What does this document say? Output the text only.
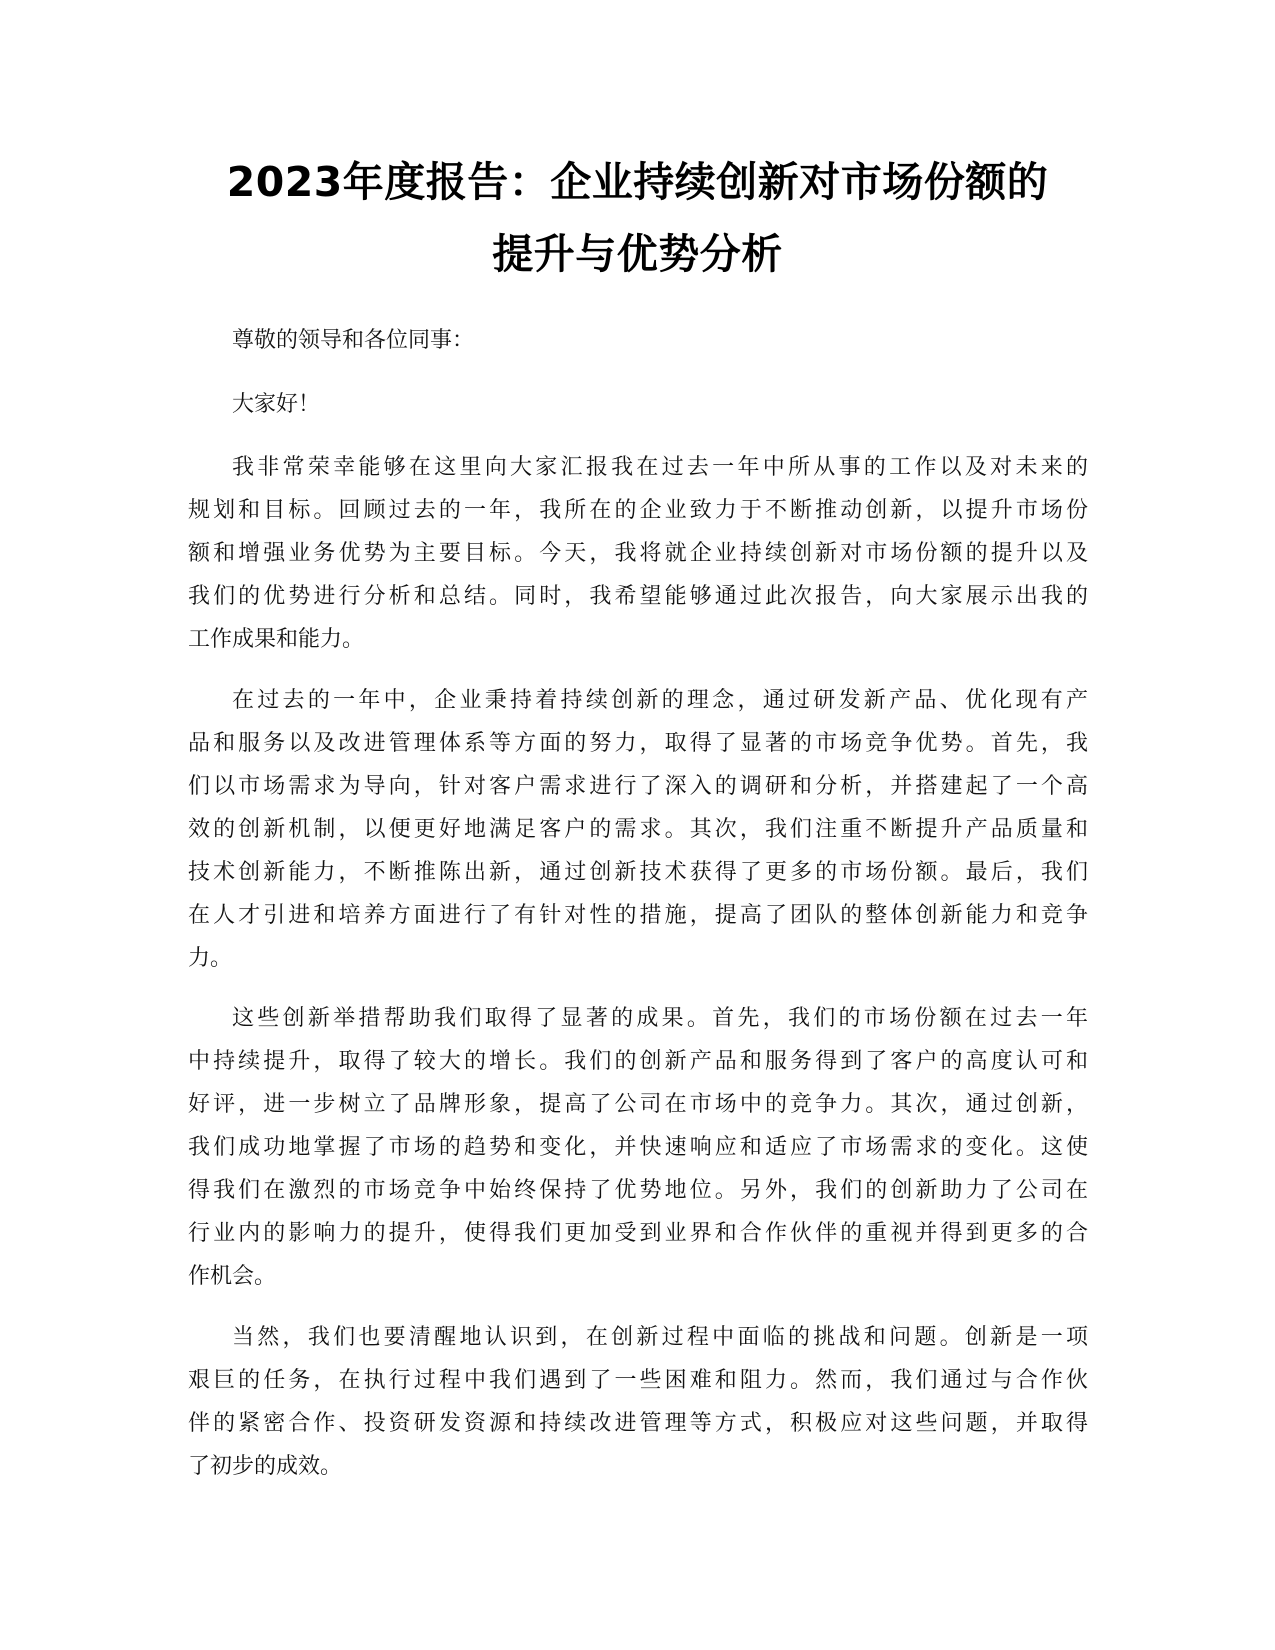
2023年度报告：企业持续创新对市场份额的
提升与优势分析
尊敬的领导和各位同事：
大家好！
我非常荣幸能够在这里向大家汇报我在过去一年中所从事的工作以及对未来的
规划和目标。回顾过去的一年，我所在的企业致力于不断推动创新，以提升市场份
额和增强业务优势为主要目标。今天，我将就企业持续创新对市场份额的提升以及
我们的优势进行分析和总结。同时，我希望能够通过此次报告，向大家展示出我的
工作成果和能力。
在过去的一年中，企业秉持着持续创新的理念，通过研发新产品、优化现有产
品和服务以及改进管理体系等方面的努力，取得了显著的市场竞争优势。首先，我
们以市场需求为导向，针对客户需求进行了深入的调研和分析，并搭建起了一个高
效的创新机制，以便更好地满足客户的需求。其次，我们注重不断提升产品质量和
技术创新能力，不断推陈出新，通过创新技术获得了更多的市场份额。最后，我们
在人才引进和培养方面进行了有针对性的措施，提高了团队的整体创新能力和竞争
力。
这些创新举措帮助我们取得了显著的成果。首先，我们的市场份额在过去一年
中持续提升，取得了较大的增长。我们的创新产品和服务得到了客户的高度认可和
好评，进一步树立了品牌形象，提高了公司在市场中的竞争力。其次，通过创新，
我们成功地掌握了市场的趋势和变化，并快速响应和适应了市场需求的变化。这使
得我们在激烈的市场竞争中始终保持了优势地位。另外，我们的创新助力了公司在
行业内的影响力的提升，使得我们更加受到业界和合作伙伴的重视并得到更多的合
作机会。
当然，我们也要清醒地认识到，在创新过程中面临的挑战和问题。创新是一项
艰巨的任务，在执行过程中我们遇到了一些困难和阻力。然而，我们通过与合作伙
伴的紧密合作、投资研发资源和持续改进管理等方式，积极应对这些问题，并取得
了初步的成效。
